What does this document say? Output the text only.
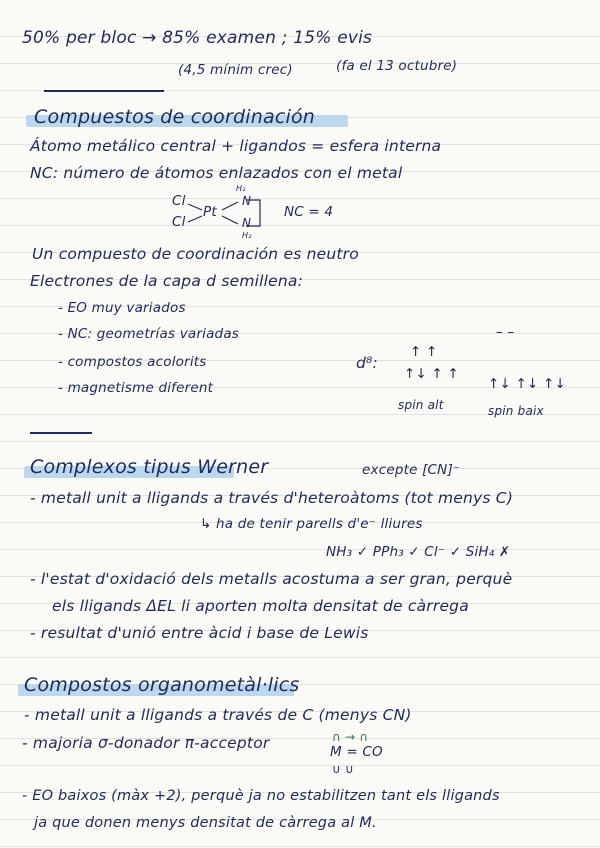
50% per bloc → 85% examen ; 15% evis
(4,5 mínim crec)	(fa el 13 octubre)
Compuestos de coordinación
Átomo metálico central + ligandos = esfera interna
NC: número de átomos enlazados con el metal
Cl
Cl
Pt
N
N
H₂
H₂
NC = 4
Un compuesto de coordinación es neutro
Electrones de la capa d semillena:
- EO muy variados
- NC: geometrías variadas
- compostos acolorits
- magnetisme diferent
d⁸:
↑ ↑
↑↓ ↑ ↑
– –
↑↓ ↑↓ ↑↓
spin alt	spin baix
Complexos tipus Werner	excepte [CN]⁻
- metall unit a lligands a través d'heteroàtoms (tot menys C)
↳ ha de tenir parells d'e⁻ lliures
NH₃ ✓ PPh₃ ✓ Cl⁻ ✓ SiH₄ ✗
- l'estat d'oxidació dels metalls acostuma a ser gran, perquè
els lligands ΔEL li aporten molta densitat de càrrega
- resultat d'unió entre àcid i base de Lewis
Compostos organometàl·lics
- metall unit a lligands a través de C (menys CN)
- majoria σ-donador π-acceptor	∩ → ∩
M = CO
∪ ∪
- EO baixos (màx +2), perquè ja no estabilitzen tant els lligands
ja que donen menys densitat de càrrega al M.
